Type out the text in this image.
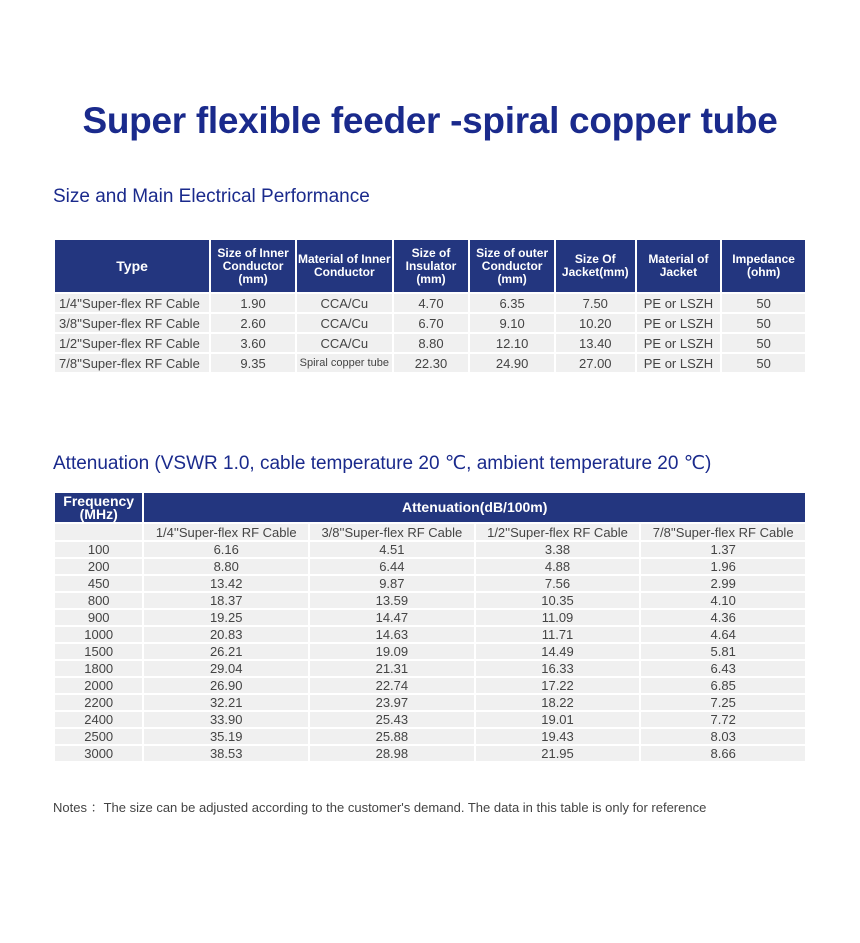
Super flexible feeder -spiral copper tube
Size and Main Electrical Performance
Type	Size of Inner Conductor (mm)	Material of Inner Conductor	Size of Insulator (mm)	Size of outer Conductor (mm)	Size Of Jacket(mm)	Material of Jacket	Impedance (ohm)
1/4''Super-flex RF Cable	1.90	CCA/Cu	4.70	6.35	7.50	PE or LSZH	50
3/8''Super-flex RF Cable	2.60	CCA/Cu	6.70	9.10	10.20	PE or LSZH	50
1/2''Super-flex RF Cable	3.60	CCA/Cu	8.80	12.10	13.40	PE or LSZH	50
7/8''Super-flex RF Cable	9.35	Spiral copper tube	22.30	24.90	27.00	PE or LSZH	50
Attenuation (VSWR 1.0, cable temperature 20 ℃, ambient temperature 20 ℃)
Frequency (MHz)	Attenuation(dB/100m)			
	1/4''Super-flex RF Cable	3/8''Super-flex RF Cable	1/2''Super-flex RF Cable	7/8''Super-flex RF Cable
100	6.16	4.51	3.38	1.37
200	8.80	6.44	4.88	1.96
450	13.42	9.87	7.56	2.99
800	18.37	13.59	10.35	4.10
900	19.25	14.47	11.09	4.36
1000	20.83	14.63	11.71	4.64
1500	26.21	19.09	14.49	5.81
1800	29.04	21.31	16.33	6.43
2000	26.90	22.74	17.22	6.85
2200	32.21	23.97	18.22	7.25
2400	33.90	25.43	19.01	7.72
2500	35.19	25.88	19.43	8.03
3000	38.53	28.98	21.95	8.66
Notes ：The size can be adjusted according to the customer's demand. The data in this table is only for reference
